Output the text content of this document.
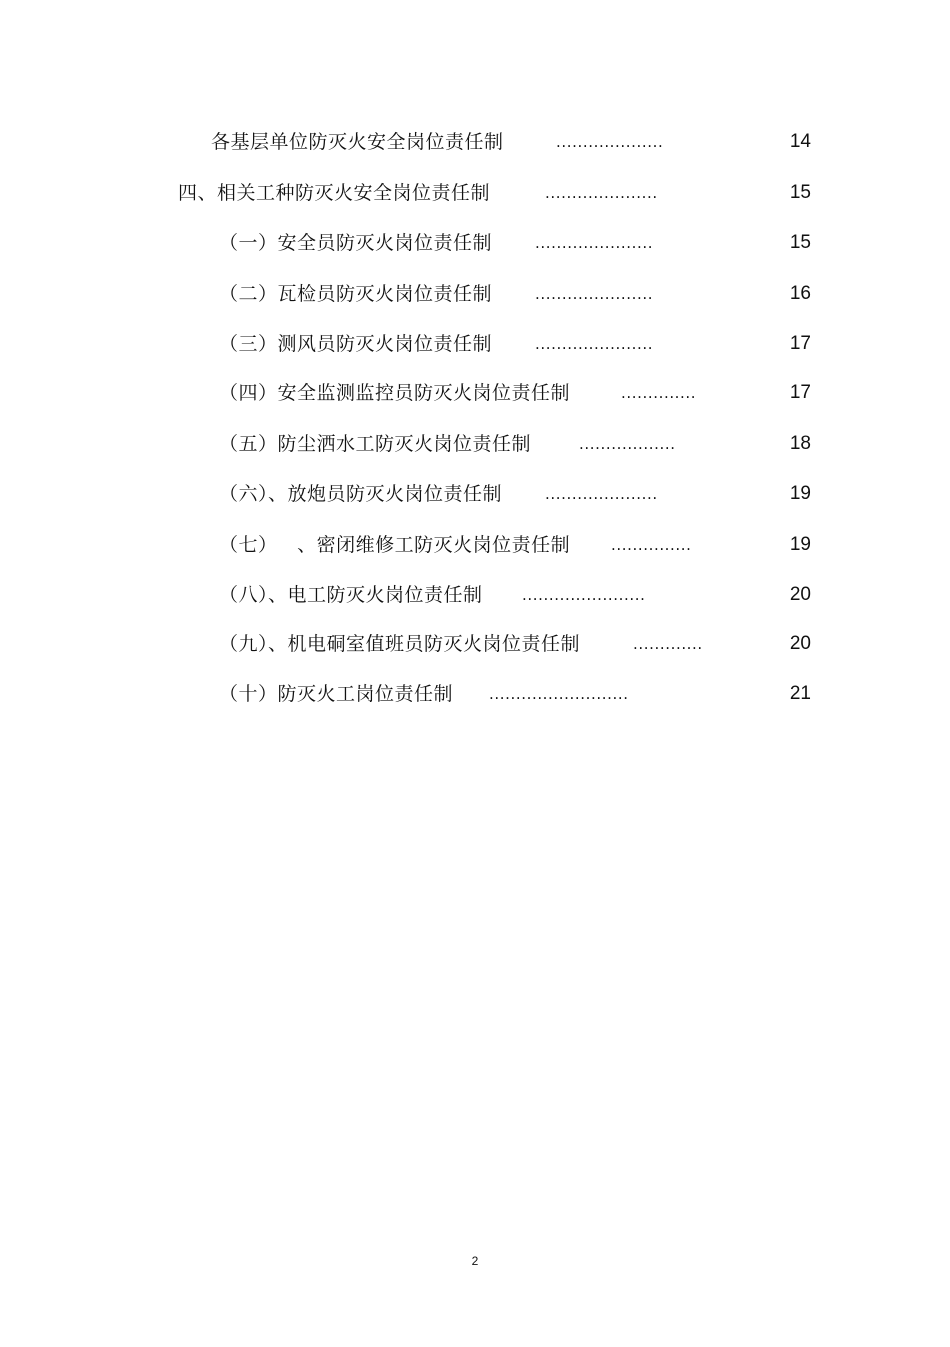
各基层单位防灭火安全岗位责任制	....................	14
四、相关工种防灭火安全岗位责任制	.....................	15
（一）安全员防灭火岗位责任制	......................	15
（二）瓦检员防灭火岗位责任制	......................	16
（三）测风员防灭火岗位责任制	......................	17
（四）安全监测监控员防灭火岗位责任制	..............	17
（五）防尘洒水工防灭火岗位责任制	..................	18
（六）、放炮员防灭火岗位责任制	.....................	19
（七）   、密闭维修工防灭火岗位责任制	...............	19
（八）、电工防灭火岗位责任制	.......................	20
（九）、机电硐室值班员防灭火岗位责任制	.............	20
（十）防灭火工岗位责任制 ..........................	21
2
